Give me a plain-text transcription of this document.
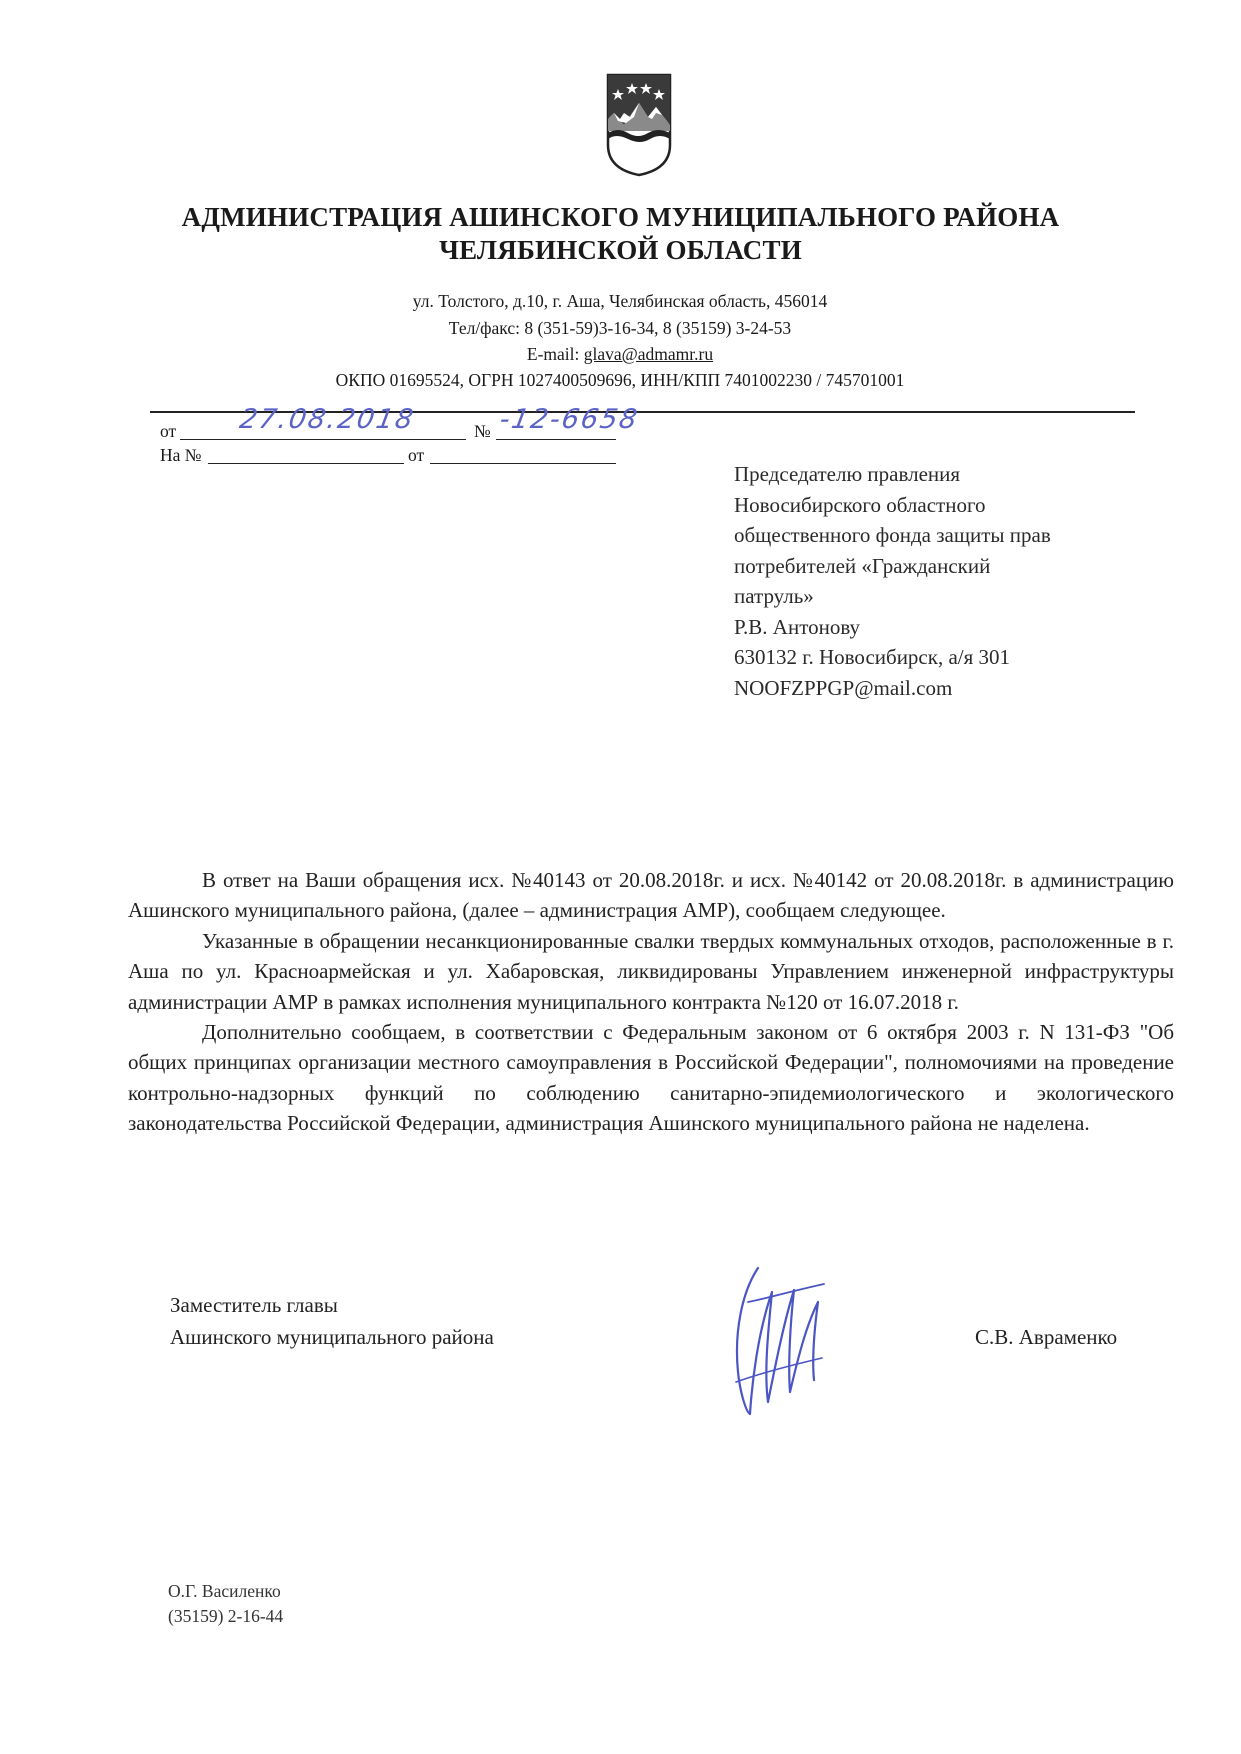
АДМИНИСТРАЦИЯ АШИНСКОГО МУНИЦИПАЛЬНОГО РАЙОНА
ЧЕЛЯБИНСКОЙ ОБЛАСТИ
ул. Толстого, д.10, г. Аша, Челябинская область, 456014
Тел/факс: 8 (351-59)3-16-34, 8 (35159) 3-24-53
E-mail: glava@admamr.ru
ОКПО 01695524, ОГРН 1027400509696, ИНН/КПП 7401002230 / 745701001
от 27.08.2018	№ -12-6658
На №	от
Председателю правления
Новосибирского областного
общественного фонда защиты прав
потребителей «Гражданский
патруль»
Р.В. Антонову
630132 г. Новосибирск, а/я 301
NOOFZPPGP@mail.com

В ответ на Ваши обращения исх. №40143 от 20.08.2018г. и исх. №40142 от 20.08.2018г. в администрацию Ашинского муниципального района, (далее – администрация АМР), сообщаем следующее.

Указанные в обращении несанкционированные свалки твердых коммунальных отходов, расположенные в г. Аша по ул. Красноармейская и ул. Хабаровская, ликвидированы Управлением инженерной инфраструктуры администрации АМР в рамках исполнения муниципального контракта №120 от 16.07.2018 г.

Дополнительно сообщаем, в соответствии с Федеральным законом от 6 октября 2003 г. N 131-ФЗ "Об общих принципах организации местного самоуправления в Российской Федерации", полномочиями на проведение контрольно-надзорных функций по соблюдению санитарно-эпидемиологического и экологического законодательства Российской Федерации, администрация Ашинского муниципального района не наделена.

Заместитель главы
Ашинского муниципального района	С.В. Авраменко
О.Г. Василенко
(35159) 2-16-44
